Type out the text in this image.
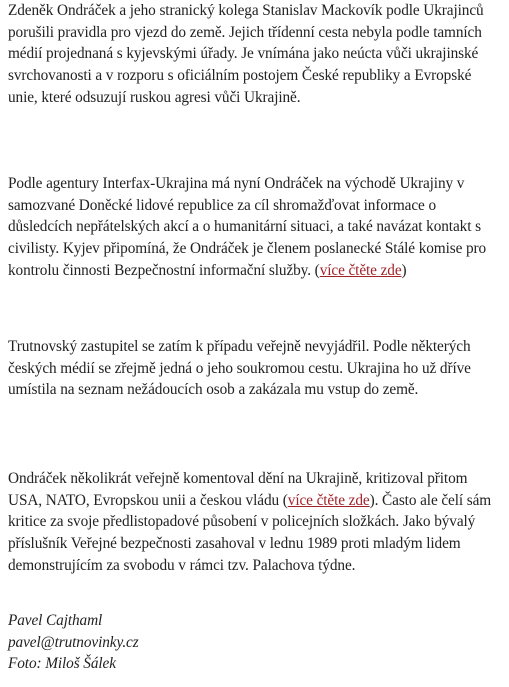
Zdeněk Ondráček a jeho stranický kolega Stanislav Mackovík podle Ukrajinců porušili pravidla pro vjezd do země. Jejich třídenní cesta nebyla podle tamních médií projednaná s kyjevskými úřady. Je vnímána jako neúcta vůči ukrajinské svrchovanosti a v rozporu s oficiálním postojem České republiky a Evropské unie, které odsuzují ruskou agresi vůči Ukrajině.

Podle agentury Interfax-Ukrajina má nyní Ondráček na východě Ukrajiny v samozvané Doněcké lidové republice za cíl shromažďovat informace o důsledcích nepřátelských akcí a o humanitární situaci, a také navázat kontakt s civilisty. Kyjev připomíná, že Ondráček je členem poslanecké Stálé komise pro kontrolu činnosti Bezpečnostní informační služby. (více čtěte zde)

Trutnovský zastupitel se zatím k případu veřejně nevyjádřil. Podle některých českých médií se zřejmě jedná o jeho soukromou cestu. Ukrajina ho už dříve umístila na seznam nežádoucích osob a zakázala mu vstup do země.

Ondráček několikrát veřejně komentoval dění na Ukrajině, kritizoval přitom USA, NATO, Evropskou unii a českou vládu (více čtěte zde). Často ale čelí sám kritice za svoje předlistopadové působení v policejních složkách. Jako bývalý příslušník Veřejné bezpečnosti zasahoval v lednu 1989 proti mladým lidem demonstrujícím za svobodu v rámci tzv. Palachova týdne.

Pavel Cajthaml
pavel@trutnovinky.cz
Foto: Miloš Šálek
